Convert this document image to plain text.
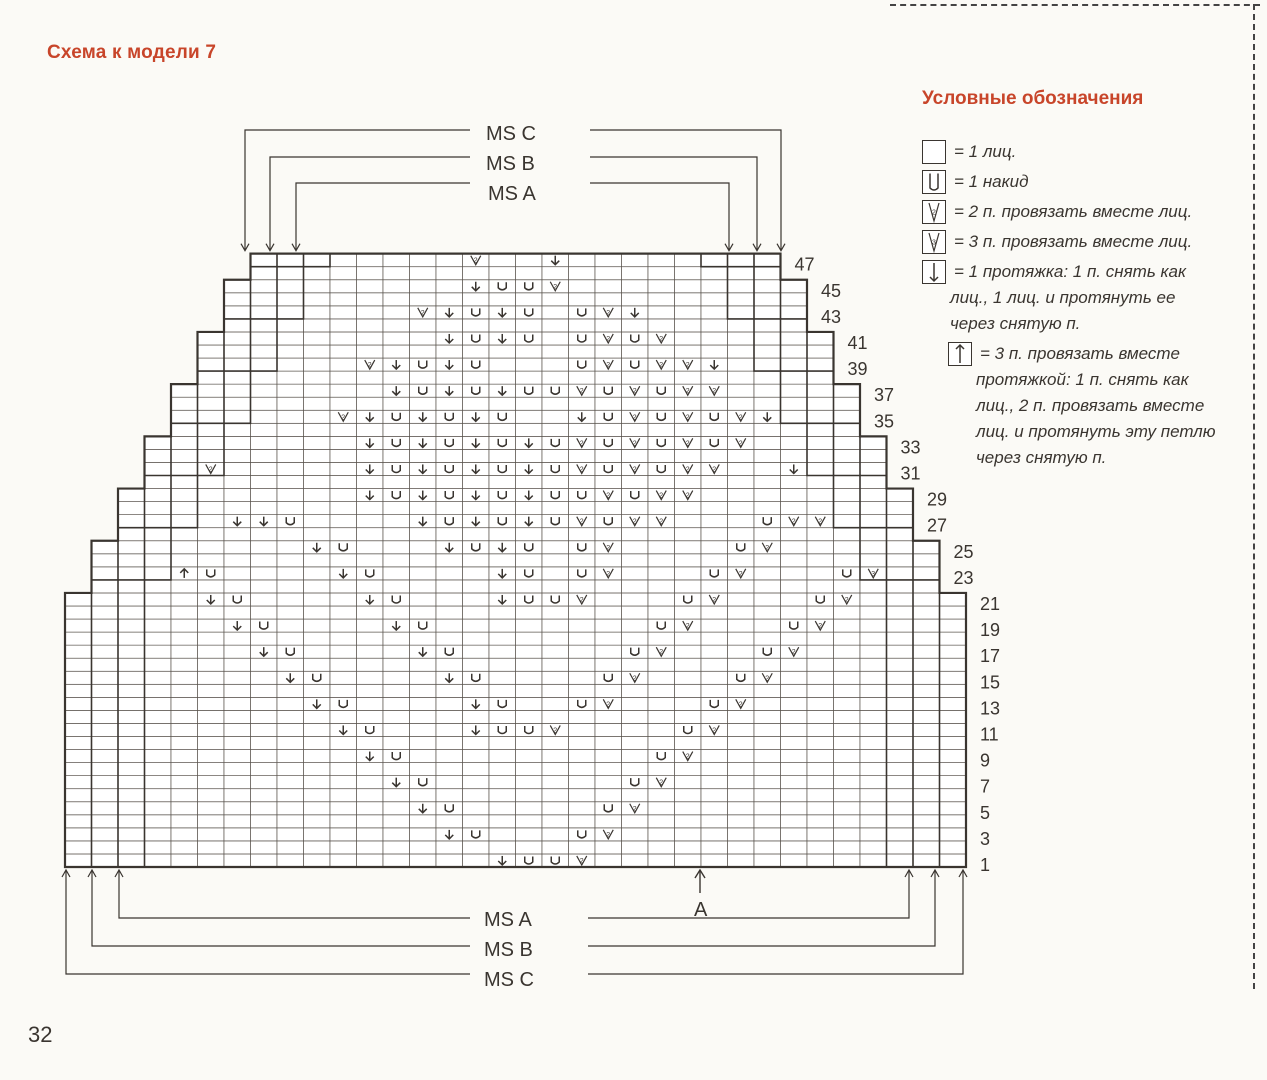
Схема к модели 7
2
2
2
2
2
2	2
2	2
2	2
2	2
2	2
2	2	2
2	2	3
2	2
2	2	2	2	2
2	2	2
2	2	2	2	2
2	2	2	2
2	2	2	2
2	2	2	2
2	2	2	2
2	2
2	2
2
2
MS C
MS B
MS A
MS A
MS B
MS C
A
47
45
43
41
39
37
35
33
31
29
27
25
23
21
19
17
15
13
11
9
7
5
3
1
Условные обозначения
= 1 лиц.
= 1 накид
2 = 2 п. провязать вместе лиц.
3 = 3 п. провязать вместе лиц.
= 1 протяжка: 1 п. снять как
лиц., 1 лиц. и протянуть ее
через снятую п.
= 3 п. провязать вместе
протяжкой: 1 п. снять как
лиц., 2 п. провязать вместе
лиц. и протянуть эту петлю
через снятую п.
32
